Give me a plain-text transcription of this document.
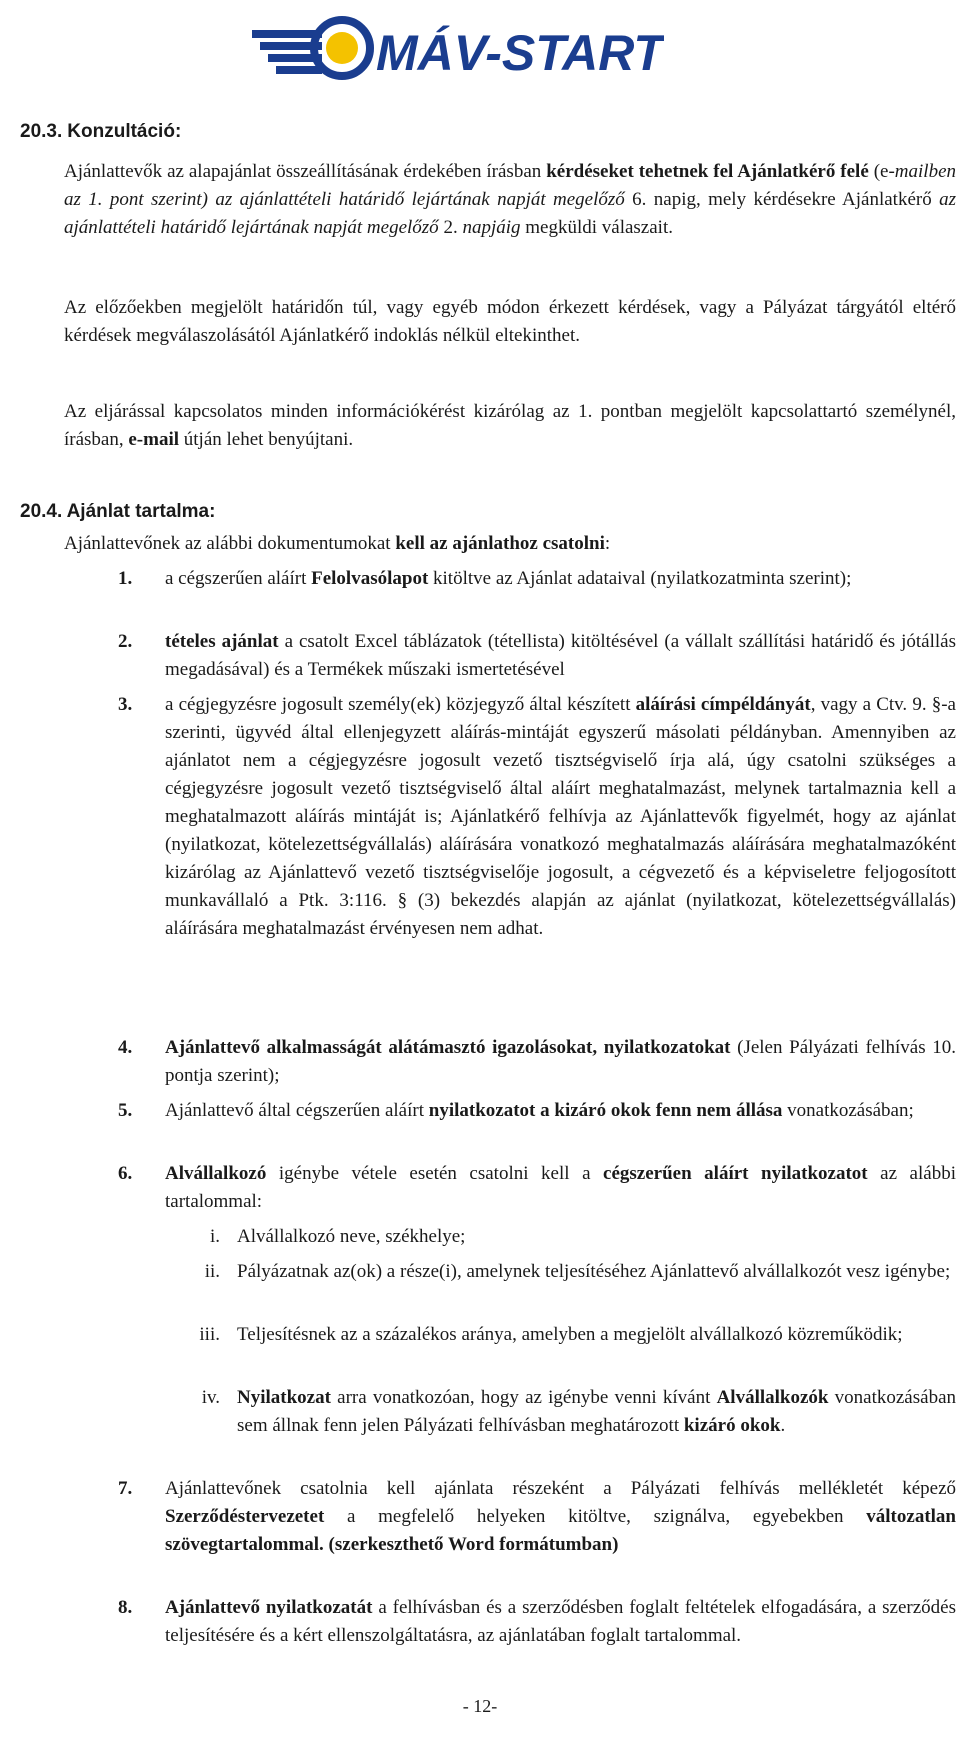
MÁV-START
20.3. Konzultáció:
Ajánlattevők az alapajánlat összeállításának érdekében írásban kérdéseket tehetnek fel Ajánlatkérő felé (e-mailben az 1. pont szerint) az ajánlattételi határidő lejártának napját megelőző 6. napig, mely kérdésekre Ajánlatkérő az ajánlattételi határidő lejártának napját megelőző 2. napjáig megküldi válaszait.
Az előzőekben megjelölt határidőn túl, vagy egyéb módon érkezett kérdések, vagy a Pályázat tárgyától eltérő kérdések megválaszolásától Ajánlatkérő indoklás nélkül eltekinthet.
Az eljárással kapcsolatos minden információkérést kizárólag az 1. pontban megjelölt kapcsolattartó személynél, írásban, e-mail útján lehet benyújtani.
20.4. Ajánlat tartalma:
Ajánlattevőnek az alábbi dokumentumokat kell az ajánlathoz csatolni:
1.	a cégszerűen aláírt Felolvasólapot kitöltve az Ajánlat adataival (nyilatkozatminta szerint);
2.	tételes ajánlat a csatolt Excel táblázatok (tétellista) kitöltésével (a vállalt szállítási határidő és jótállás megadásával) és a Termékek műszaki ismertetésével
3.	a cégjegyzésre jogosult személy(ek) közjegyző által készített aláírási címpéldányát, vagy a Ctv. 9. §-a szerinti, ügyvéd által ellenjegyzett aláírás-mintáját egyszerű másolati példányban. Amennyiben az ajánlatot nem a cégjegyzésre jogosult vezető tisztségviselő írja alá, úgy csatolni szükséges a cégjegyzésre jogosult vezető tisztségviselő által aláírt meghatalmazást, melynek tartalmaznia kell a meghatalmazott aláírás mintáját is; Ajánlatkérő felhívja az Ajánlattevők figyelmét, hogy az ajánlat (nyilatkozat, kötelezettségvállalás) aláírására vonatkozó meghatalmazás aláírására meghatalmazóként kizárólag az Ajánlattevő vezető tisztségviselője jogosult, a cégvezető és a képviseletre feljogosított munkavállaló a Ptk. 3:116. § (3) bekezdés alapján az ajánlat (nyilatkozat, kötelezettségvállalás) aláírására meghatalmazást érvényesen nem adhat.
4.	Ajánlattevő alkalmasságát alátámasztó igazolásokat, nyilatkozatokat (Jelen Pályázati felhívás 10. pontja szerint);
5.	Ajánlattevő által cégszerűen aláírt nyilatkozatot a kizáró okok fenn nem állása vonatkozásában;
6.	Alvállalkozó igénybe vétele esetén csatolni kell a cégszerűen aláírt nyilatkozatot az alábbi tartalommal:
i. Alvállalkozó neve, székhelye;
ii. Pályázatnak az(ok) a része(i), amelynek teljesítéséhez Ajánlattevő alvállalkozót vesz igénybe;
iii. Teljesítésnek az a százalékos aránya, amelyben a megjelölt alvállalkozó közreműködik;
iv. Nyilatkozat arra vonatkozóan, hogy az igénybe venni kívánt Alvállalkozók vonatkozásában sem állnak fenn jelen Pályázati felhívásban meghatározott kizáró okok.
7.	Ajánlattevőnek csatolnia kell ajánlata részeként a Pályázati felhívás mellékletét képező Szerződéstervezetet a megfelelő helyeken kitöltve, szignálva, egyebekben változatlan szövegtartalommal. (szerkeszthető Word formátumban)
8.	Ajánlattevő nyilatkozatát a felhívásban és a szerződésben foglalt feltételek elfogadására, a szerződés teljesítésére és a kért ellenszolgáltatásra, az ajánlatában foglalt tartalommal.
- 12-
